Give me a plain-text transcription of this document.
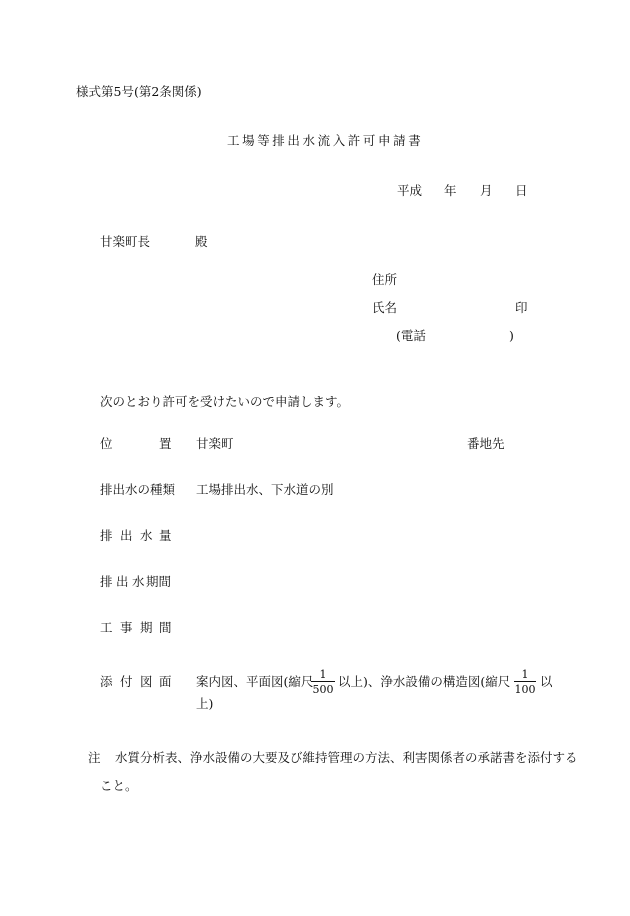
様式第5号(第2条関係)
工場等排出水流入許可申請書
平成 年 月 日
甘楽町長	殿
住所
氏名	印
(電話	)
次のとおり許可を受けたいので申請します。
位	置 甘楽町	番地先
排出水の種類 工場排出水、下水道の別
排 出 水 量
排 出 水 期間
工 事 期 間
添 付 図 面 案内図、平面図(縮尺 1
500
以上)、浄水設備の構造図(縮尺	1
100
以
上)
注 水質分析表、浄水設備の大要及び維持管理の方法、利害関係者の承諾書を添付する
こと。
